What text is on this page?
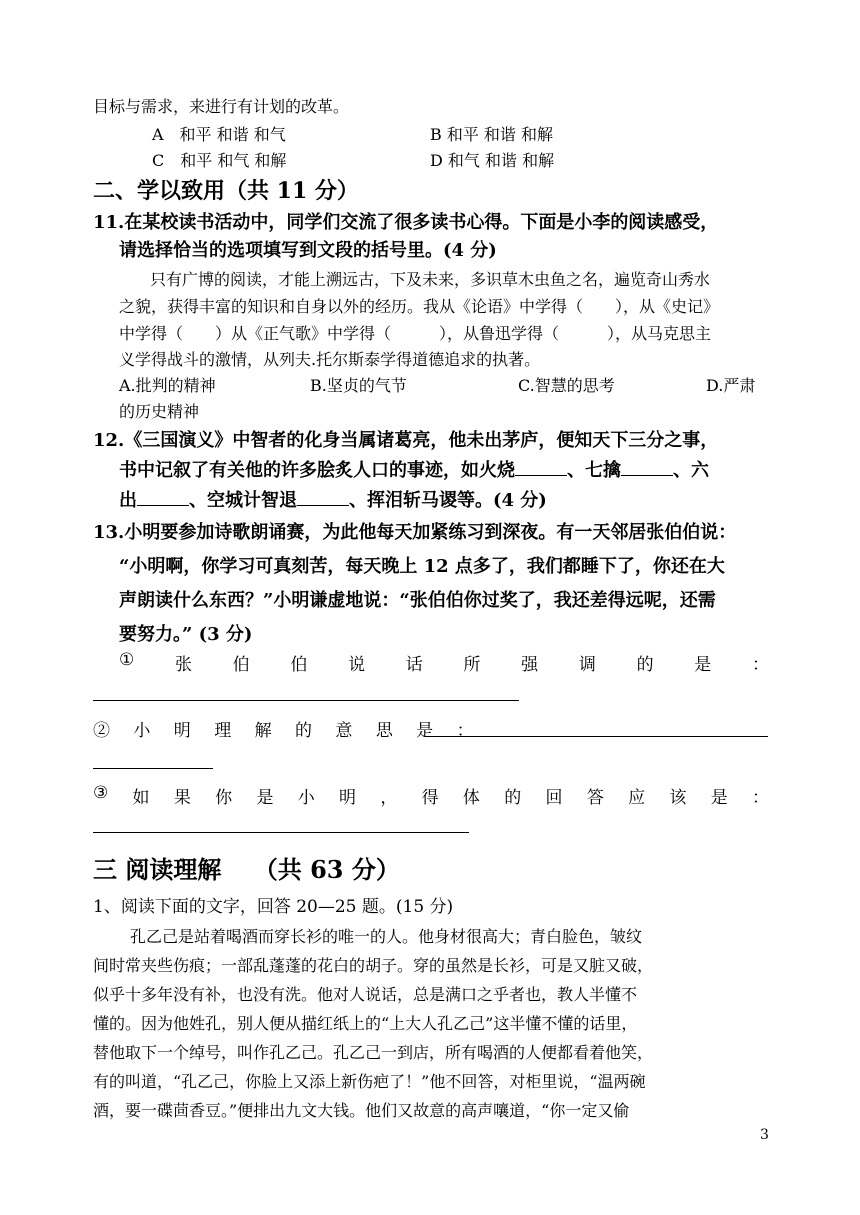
目标与需求，来进行有计划的改革。
A　和平 和谐 和气	B 和平 和谐 和解
C　和平 和气 和解	D 和气 和谐 和解
二、学以致用（共 11 分）
11.在某校读书活动中，同学们交流了很多读书心得。下面是小李的阅读感受，
请选择恰当的选项填写到文段的括号里。(4 分)
只有广博的阅读，才能上溯远古，下及未来，多识草木虫鱼之名，遍览奇山秀水
之貌，获得丰富的知识和自身以外的经历。我从《论语》中学得（　　），从《史记》
中学得（　　）从《正气歌》中学得（　　　），从鲁迅学得（　　　），从马克思主
义学得战斗的激情，从列夫.托尔斯泰学得道德追求的执著。
A.批判的精神	B.坚贞的气节	C.智慧的思考	D.严肃
的历史精神
12.《三国演义》中智者的化身当属诸葛亮，他未出茅庐，便知天下三分之事，
书中记叙了有关他的许多脍炙人口的事迹，如火烧	、七擒	、六
出	、空城计智退	、挥泪斩马谡等。(4 分)
13.小明要参加诗歌朗诵赛，为此他每天加紧练习到深夜。有一天邻居张伯伯说：
“小明啊，你学习可真刻苦，每天晚上 12 点多了，我们都睡下了，你还在大
声朗读什么东西？”小明谦虚地说：“张伯伯你过奖了，我还差得远呢，还需
要努力。” (3 分)
① 张 伯 伯 说 话 所 强 调 的 是 ：
② 小 明 理 解 的 意 思 是 ：
③ 如 果 你 是 小 明 ， 得 体 的 回 答 应 该 是 ：
三 阅读理解　 （共 63 分）
1、阅读下面的文字，回答 20—25 题。(15 分)
孔乙己是站着喝酒而穿长衫的唯一的人。他身材很高大；青白脸色，皱纹
间时常夹些伤痕；一部乱蓬蓬的花白的胡子。穿的虽然是长衫，可是又脏又破，
似乎十多年没有补，也没有洗。他对人说话，总是满口之乎者也，教人半懂不
懂的。因为他姓孔，别人便从描红纸上的“上大人孔乙己”这半懂不懂的话里，
替他取下一个绰号，叫作孔乙己。孔乙己一到店，所有喝酒的人便都看着他笑，
有的叫道，“孔乙己，你脸上又添上新伤疤了！”他不回答，对柜里说，“温两碗
酒，要一碟茴香豆。”便排出九文大钱。他们又故意的高声嚷道，“你一定又偷
3
